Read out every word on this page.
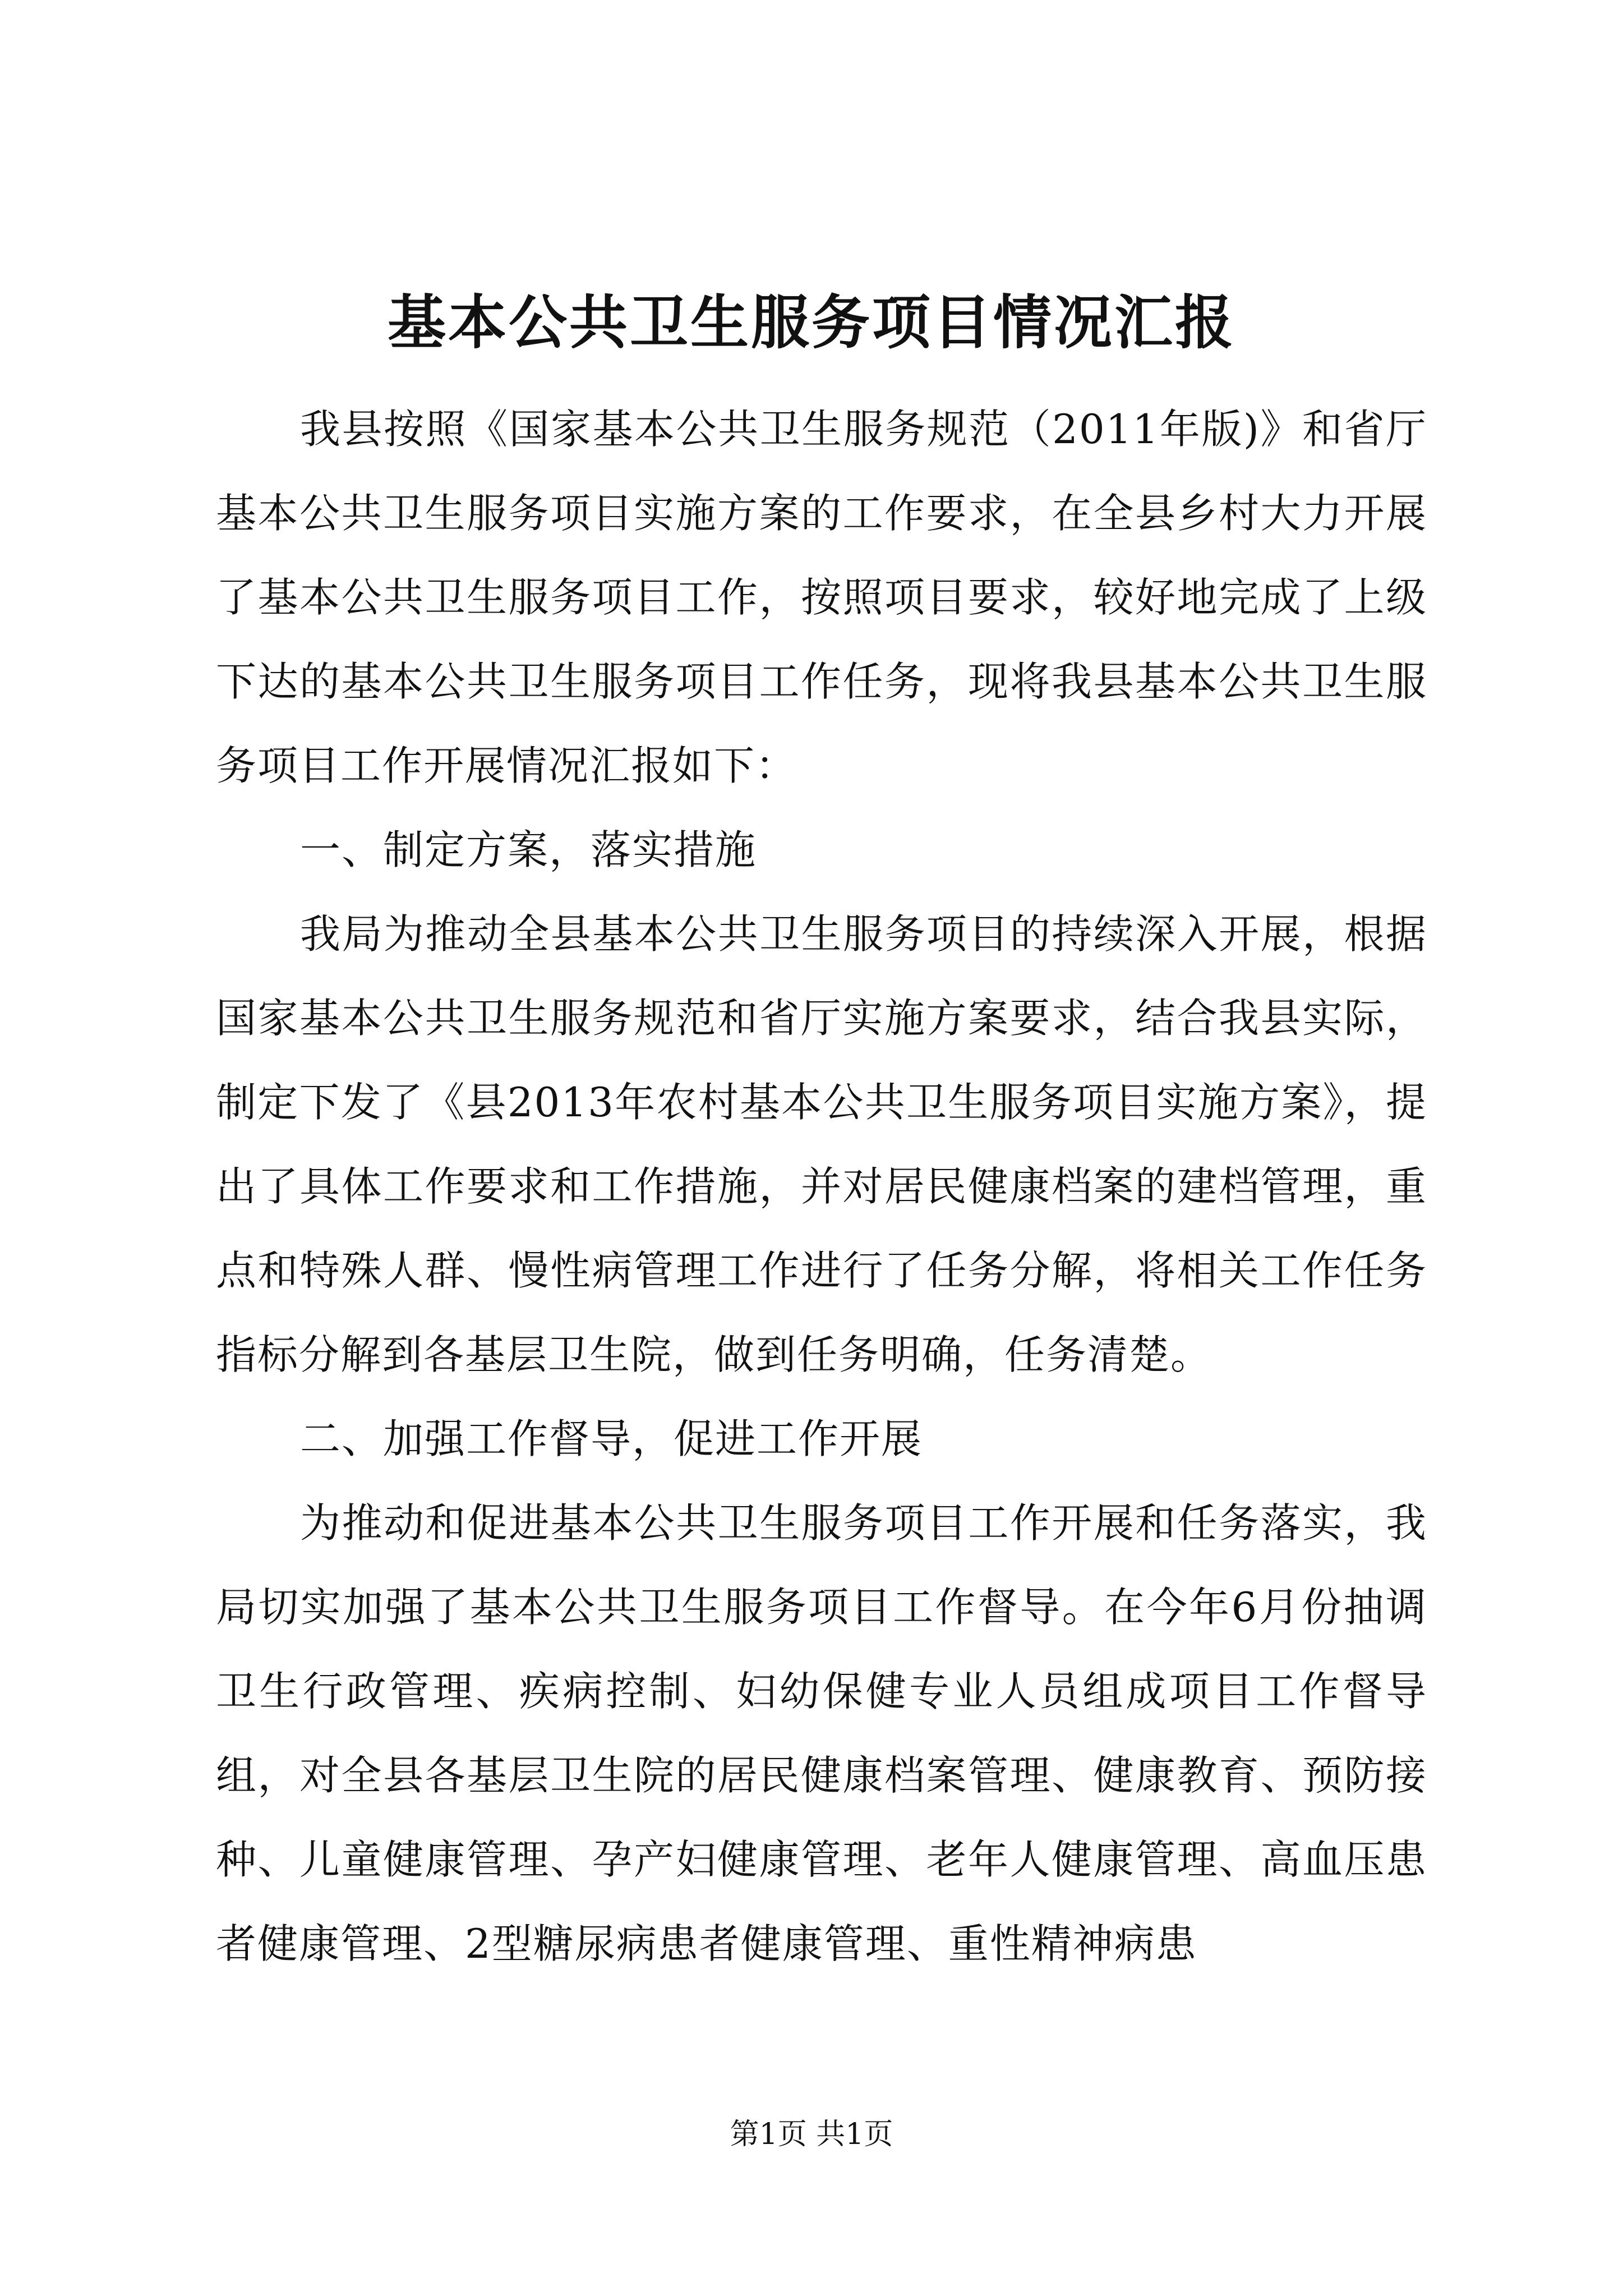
基本公共卫生服务项目情况汇报

我县按照《国家基本公共卫生服务规范（2011年版)》和省厅基本公共卫生服务项目实施方案的工作要求，在全县乡村大力开展了基本公共卫生服务项目工作，按照项目要求，较好地完成了上级下达的基本公共卫生服务项目工作任务，现将我县基本公共卫生服务项目工作开展情况汇报如下：

一、制定方案，落实措施

我局为推动全县基本公共卫生服务项目的持续深入开展，根据国家基本公共卫生服务规范和省厅实施方案要求，结合我县实际，制定下发了《县2013年农村基本公共卫生服务项目实施方案》，提出了具体工作要求和工作措施，并对居民健康档案的建档管理，重点和特殊人群、慢性病管理工作进行了任务分解，将相关工作任务指标分解到各基层卫生院，做到任务明确，任务清楚。

二、加强工作督导，促进工作开展

为推动和促进基本公共卫生服务项目工作开展和任务落实，我局切实加强了基本公共卫生服务项目工作督导。在今年6月份抽调卫生行政管理、疾病控制、妇幼保健专业人员组成项目工作督导组，对全县各基层卫生院的居民健康档案管理、健康教育、预防接种、儿童健康管理、孕产妇健康管理、老年人健康管理、高血压患者健康管理、2型糖尿病患者健康管理、重性精神病患

第1页 共1页
